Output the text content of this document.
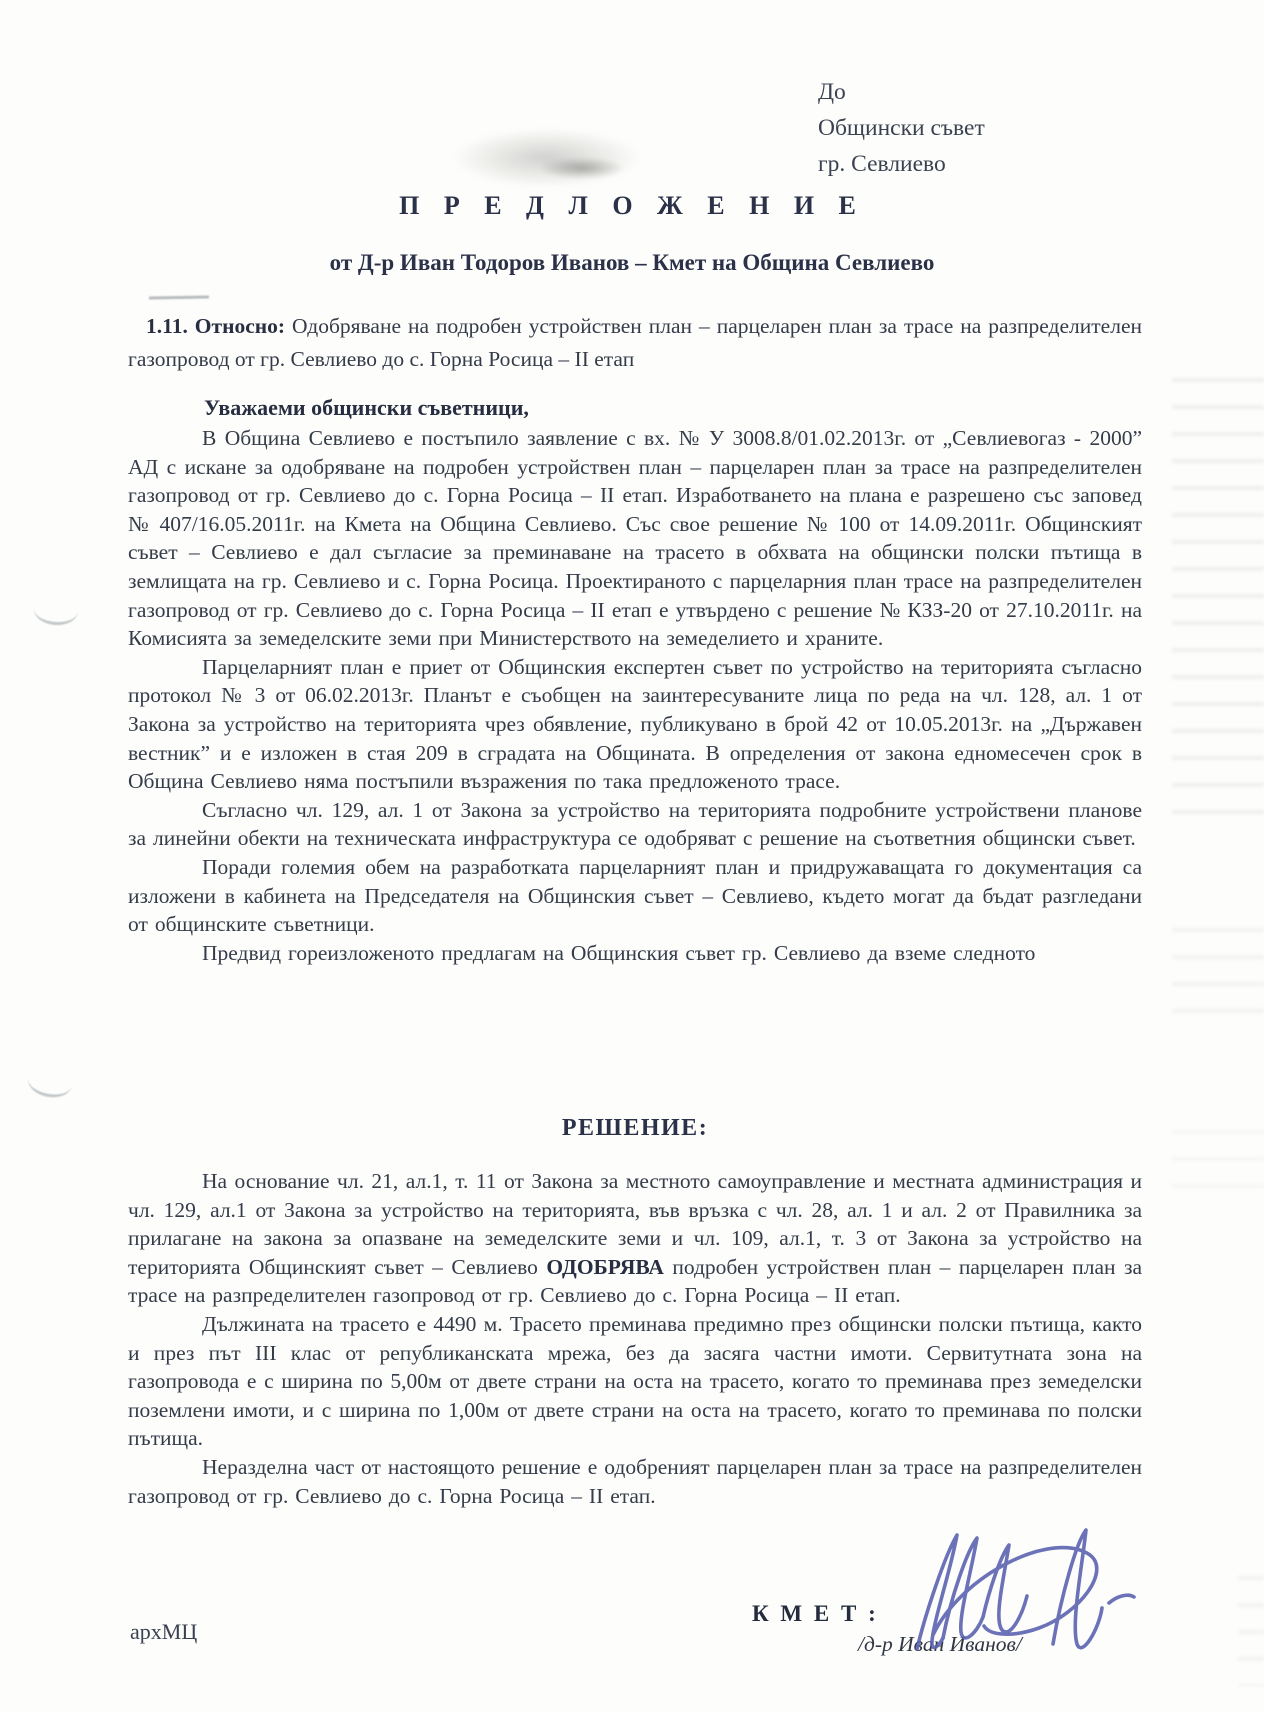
До
Общински съвет
гр. Севлиево
П Р Е Д Л О Ж Е Н И Е
от Д-р Иван Тодоров Иванов – Кмет на Община Севлиево
1.11. Относно: Одобряване на подробен устройствен план – парцеларен план за трасе на разпределителен газопровод от гр. Севлиево до с. Горна Росица – II етап
Уважаеми общински съветници,

В Община Севлиево е постъпило заявление с вх. № У 3008.8/01.02.2013г. от „Севлиевогаз - 2000” АД с искане за одобряване на подробен устройствен план – парцеларен план за трасе на разпределителен газопровод от гр. Севлиево до с. Горна Росица – II етап. Изработването на плана е разрешено със заповед № 407/16.05.2011г. на Кмета на Община Севлиево. Със свое решение № 100 от 14.09.2011г. Общинският съвет – Севлиево е дал съгласие за преминаване на трасето в обхвата на общински полски пътища в землищата на гр. Севлиево и с. Горна Росица. Проектираното с парцеларния план трасе на разпределителен газопровод от гр. Севлиево до с. Горна Росица – II етап е утвърдено с решение № КЗЗ-20 от 27.10.2011г. на Комисията за земеделските земи при Министерството на земеделието и храните.

Парцеларният план е приет от Общинския експертен съвет по устройство на територията съгласно протокол № 3 от 06.02.2013г. Планът е съобщен на заинтересуваните лица по реда на чл. 128, ал. 1 от Закона за устройство на територията чрез обявление, публикувано в брой 42 от 10.05.2013г. на „Държавен вестник” и е изложен в стая 209 в сградата на Общината. В определения от закона едномесечен срок в Община Севлиево няма постъпили възражения по така предложеното трасе.

Съгласно чл. 129, ал. 1 от Закона за устройство на територията подробните устройствени планове за линейни обекти на техническата инфраструктура се одобряват с решение на съответния общински съвет.

Поради големия обем на разработката парцеларният план и придружаващата го документация са изложени в кабинета на Председателя на Общинския съвет – Севлиево, където могат да бъдат разгледани от общинските съветници.

Предвид гореизложеното предлагам на Общинския съвет гр. Севлиево да вземе следното

РЕШЕНИЕ:

На основание чл. 21, ал.1, т. 11 от Закона за местното самоуправление и местната администрация и чл. 129, ал.1 от Закона за устройство на територията, във връзка с чл. 28, ал. 1 и ал. 2 от Правилника за прилагане на закона за опазване на земеделските земи и чл. 109, ал.1, т. 3 от Закона за устройство на територията Общинският съвет – Севлиево ОДОБРЯВА подробен устройствен план – парцеларен план за трасе на разпределителен газопровод от гр. Севлиево до с. Горна Росица – II етап.

Дължината на трасето е 4490 м. Трасето преминава предимно през общински полски пътища, както и през път III клас от републиканската мрежа, без да засяга частни имоти. Сервитутната зона на газопровода е с ширина по 5,00м от двете страни на оста на трасето, когато то преминава през земеделски поземлени имоти, и с ширина по 1,00м от двете страни на оста на трасето, когато то преминава по полски пътища.

Неразделна част от настоящото решение е одобреният парцеларен план за трасе на разпределителен газопровод от гр. Севлиево до с. Горна Росица – II етап.

архМЦ
К М Е Т :
/д-р Иван Иванов/
